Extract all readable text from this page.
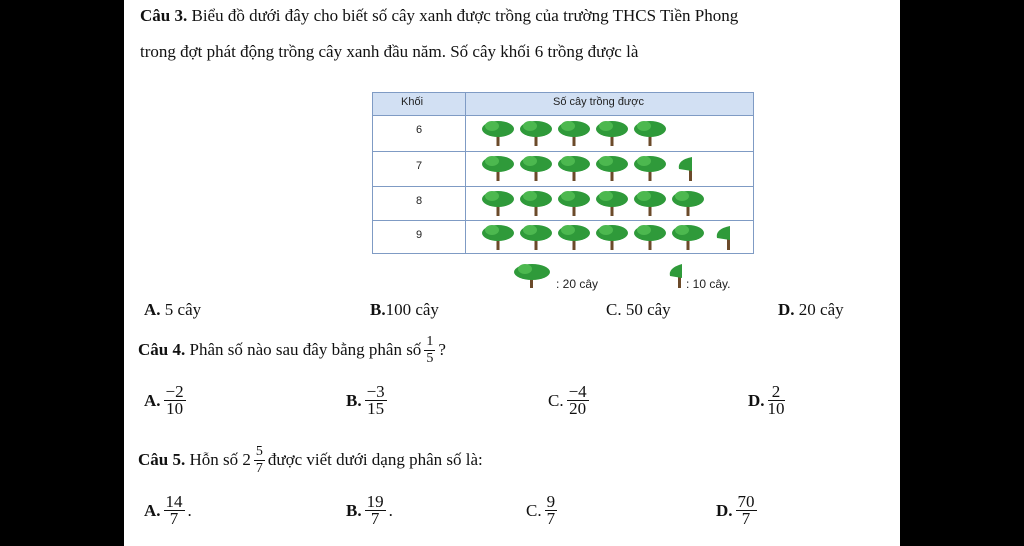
Câu 3. Biểu đồ dưới đây cho biết số cây xanh được trồng của trường THCS Tiền Phong
trong đợt phát động trồng cây xanh đầu năm. Số cây khối 6 trồng được là
Khối	Số cây trồng được
6
7
8
9
: 20 cây	: 10 cây.
A. 5 cây	B.100 cây	C. 50 cây	D. 20 cây
Câu 4.
Phân số nào sau đây bằng phân số $\frac{1}{5}$ ?
A. $\frac{-2}{10}$	B. $\frac{-3}{15}$	C. $\frac{-4}{20}$	D. $\frac{2}{10}$
Câu 5.
Hỗn số
$2 \frac{5}{7}$ được viết dưới dạng phân số là:
A. $\frac{14}{7}$ .	B. $\frac{19}{7}$ .	C. $\frac{9}{7}$	D. $\frac{70}{7}$
